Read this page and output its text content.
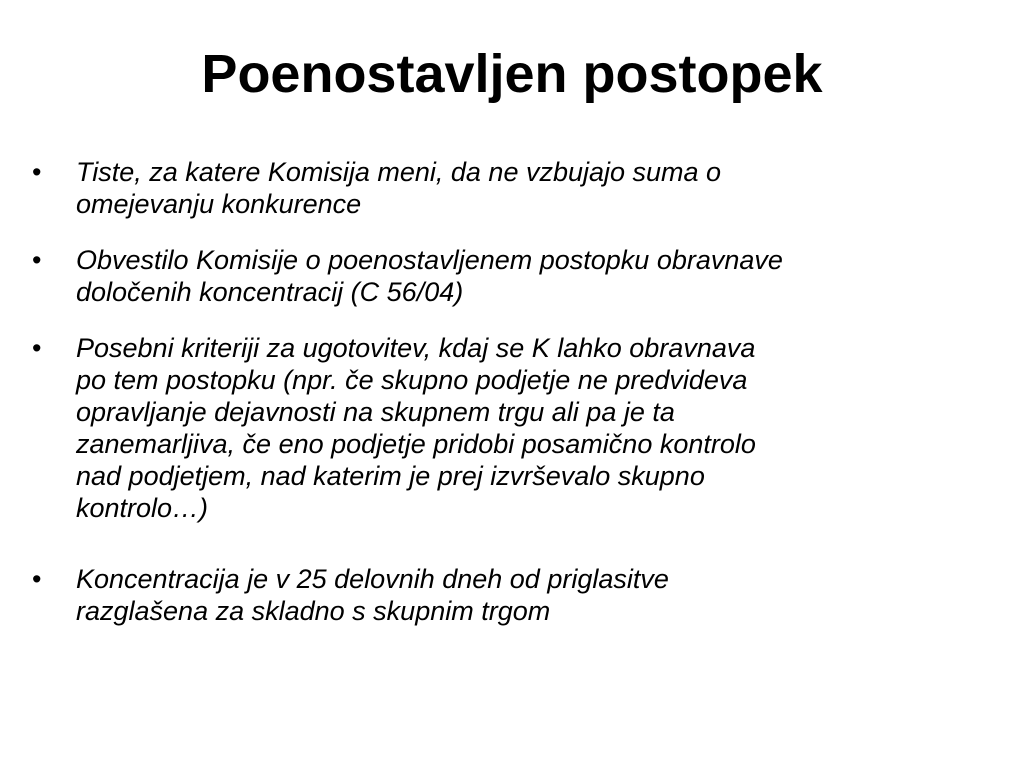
Poenostavljen postopek
• Tiste, za katere Komisija meni, da ne vzbujajo suma o
omejevanju konkurence
• Obvestilo Komisije o poenostavljenem postopku obravnave
določenih koncentracij (C 56/04)
• Posebni kriteriji za ugotovitev, kdaj se K lahko obravnava
po tem postopku (npr. če skupno podjetje ne predvideva
opravljanje dejavnosti na skupnem trgu ali pa je ta
zanemarljiva, če eno podjetje pridobi posamično kontrolo
nad podjetjem, nad katerim je prej izvrševalo skupno
kontrolo…)
• Koncentracija je v 25 delovnih dneh od priglasitve
razglašena za skladno s skupnim trgom
